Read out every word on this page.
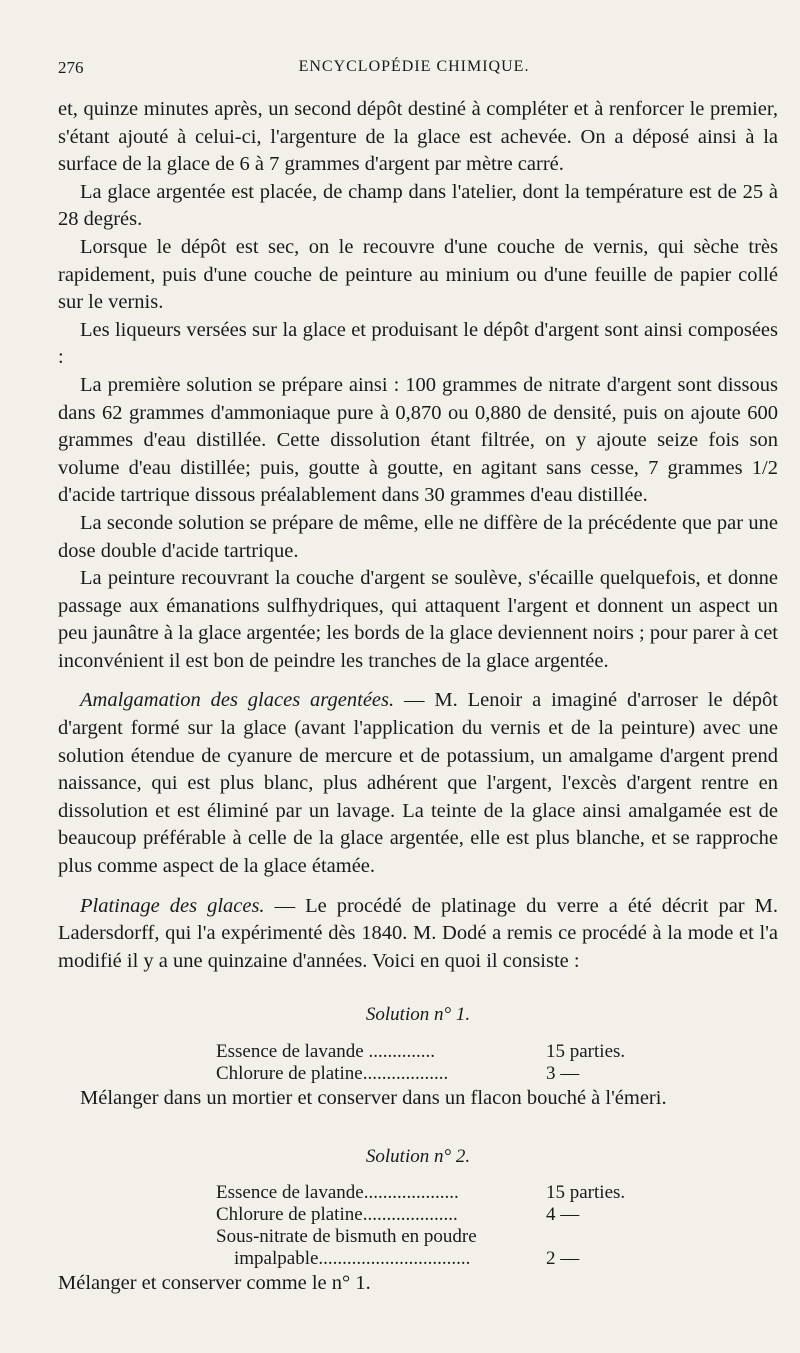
276	ENCYCLOPÉDIE CHIMIQUE.

et, quinze minutes après, un second dépôt destiné à compléter et à renforcer le premier, s'étant ajouté à celui-ci, l'argenture de la glace est achevée. On a déposé ainsi à la surface de la glace de 6 à 7 grammes d'argent par mètre carré.

La glace argentée est placée, de champ dans l'atelier, dont la température est de 25 à 28 degrés.

Lorsque le dépôt est sec, on le recouvre d'une couche de vernis, qui sèche très rapidement, puis d'une couche de peinture au minium ou d'une feuille de papier collé sur le vernis.

Les liqueurs versées sur la glace et produisant le dépôt d'argent sont ainsi composées :

La première solution se prépare ainsi : 100 grammes de nitrate d'argent sont dissous dans 62 grammes d'ammoniaque pure à 0,870 ou 0,880 de densité, puis on ajoute 600 grammes d'eau distillée. Cette dissolution étant filtrée, on y ajoute seize fois son volume d'eau distillée; puis, goutte à goutte, en agitant sans cesse, 7 grammes 1/2 d'acide tartrique dissous préalablement dans 30 grammes d'eau distillée.

La seconde solution se prépare de même, elle ne diffère de la précédente que par une dose double d'acide tartrique.

La peinture recouvrant la couche d'argent se soulève, s'écaille quelquefois, et donne passage aux émanations sulfhydriques, qui attaquent l'argent et donnent un aspect un peu jaunâtre à la glace argentée; les bords de la glace deviennent noirs ; pour parer à cet inconvénient il est bon de peindre les tranches de la glace argentée.

Amalgamation des glaces argentées. — M. Lenoir a imaginé d'arroser le dépôt d'argent formé sur la glace (avant l'application du vernis et de la peinture) avec une solution étendue de cyanure de mercure et de potassium, un amalgame d'argent prend naissance, qui est plus blanc, plus adhérent que l'argent, l'excès d'argent rentre en dissolution et est éliminé par un lavage. La teinte de la glace ainsi amalgamée est de beaucoup préférable à celle de la glace argentée, elle est plus blanche, et se rapproche plus comme aspect de la glace étamée.

Platinage des glaces. — Le procédé de platinage du verre a été décrit par M. Ladersdorff, qui l'a expérimenté dès 1840. M. Dodé a remis ce procédé à la mode et l'a modifié il y a une quinzaine d'années. Voici en quoi il consiste :

Solution n° 1.
Essence de lavande ..............	15 parties.
Chlorure de platine..................	3 —

Mélanger dans un mortier et conserver dans un flacon bouché à l'émeri.

Solution n° 2.
Essence de lavande....................	15 parties.
Chlorure de platine....................	4 —
Sous-nitrate de bismuth en poudre
impalpable................................	2 —

Mélanger et conserver comme le n° 1.
